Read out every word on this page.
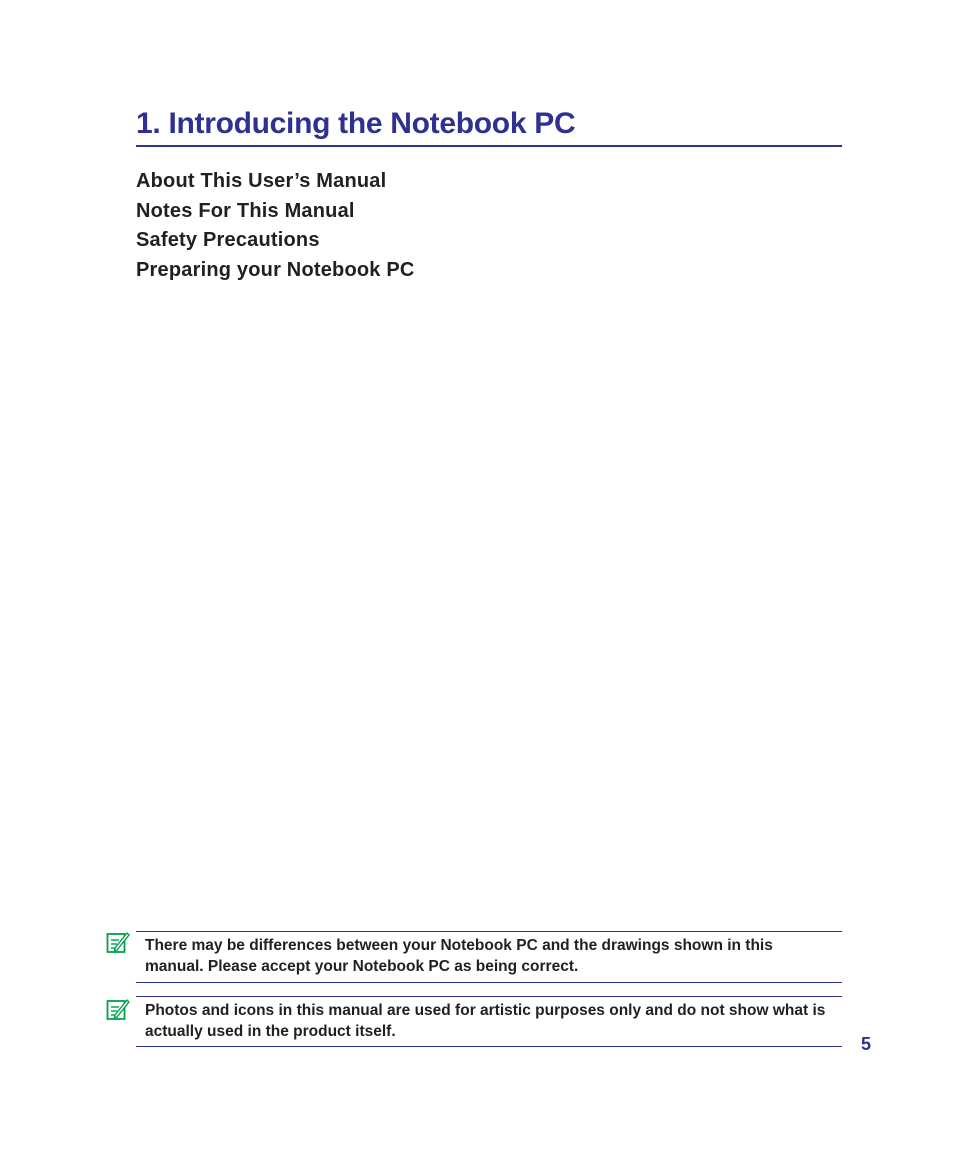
1. Introducing the Notebook PC
About This User’s Manual
Notes For This Manual
Safety Precautions
Preparing your Notebook PC
There may be differences between your Notebook PC and the drawings shown in this manual. Please accept your Notebook PC as being correct.
Photos and icons in this manual are used for artistic purposes only and do not show what is actually used in the product itself.
5
